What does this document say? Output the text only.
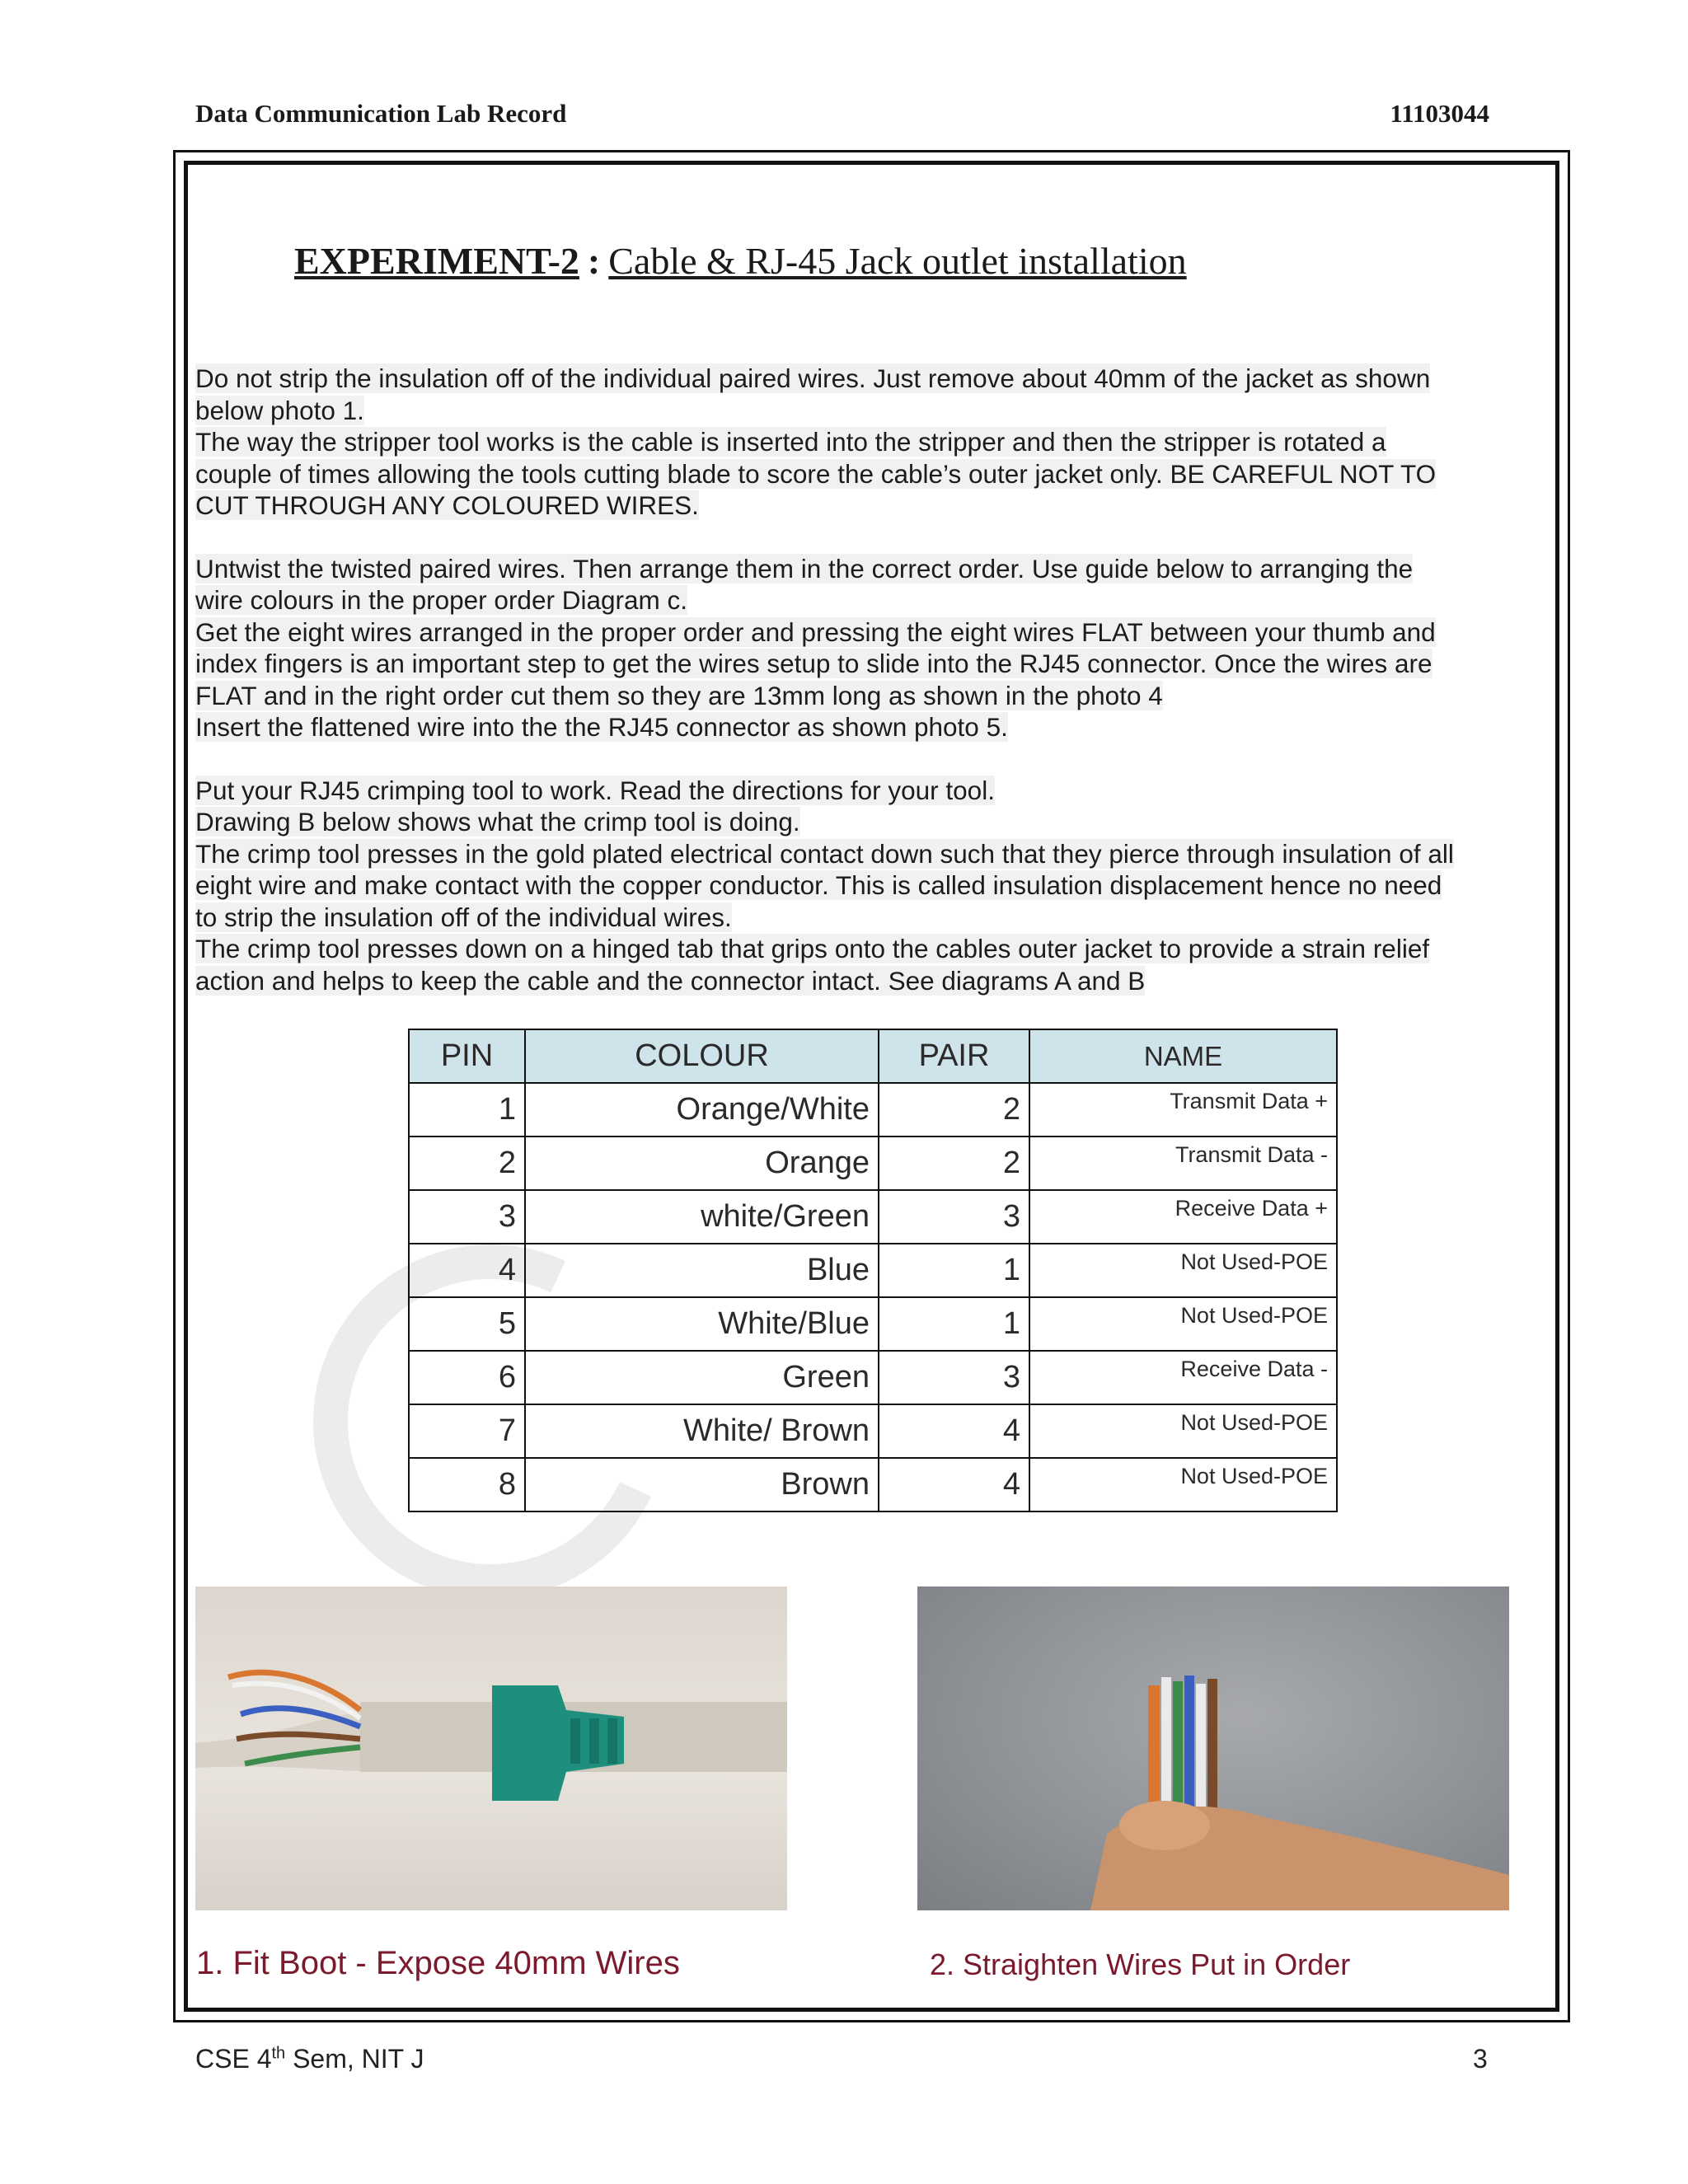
Data Communication Lab Record	11103044
EXPERIMENT-2 : Cable & RJ-45 Jack outlet installation

Do not strip the insulation off of the individual paired wires. Just remove about 40mm of the jacket as shown
below photo 1.
The way the stripper tool works is the cable is inserted into the stripper and then the stripper is rotated a
couple of times allowing the tools cutting blade to score the cable’s outer jacket only. BE CAREFUL NOT TO
CUT THROUGH ANY COLOURED WIRES.

Untwist the twisted paired wires. Then arrange them in the correct order. Use guide below to arranging the
wire colours in the proper order Diagram c.
Get the eight wires arranged in the proper order and pressing the eight wires FLAT between your thumb and
index fingers is an important step to get the wires setup to slide into the RJ45 connector. Once the wires are
FLAT and in the right order cut them so they are 13mm long as shown in the photo 4
Insert the flattened wire into the the RJ45 connector as shown photo 5.

Put your RJ45 crimping tool to work. Read the directions for your tool.
Drawing B below shows what the crimp tool is doing.
The crimp tool presses in the gold plated electrical contact down such that they pierce through insulation of all
eight wire and make contact with the copper conductor. This is called insulation displacement hence no need
to strip the insulation off of the individual wires.
The crimp tool presses down on a hinged tab that grips onto the cables outer jacket to provide a strain relief
action and helps to keep the cable and the connector intact. See diagrams A and B

PIN	COLOUR	PAIR	NAME
1	Orange/White	2	Transmit Data +
2	Orange	2	Transmit Data -
3	white/Green	3	Receive Data +
4	Blue	1	Not Used-POE
5	White/Blue	1	Not Used-POE
6	Green	3	Receive Data -
7	White/ Brown	4	Not Used-POE
8	Brown	4	Not Used-POE
1. Fit Boot - Expose 40mm Wires	2. Straighten Wires Put in Order
CSE 4th Sem, NIT J	3
